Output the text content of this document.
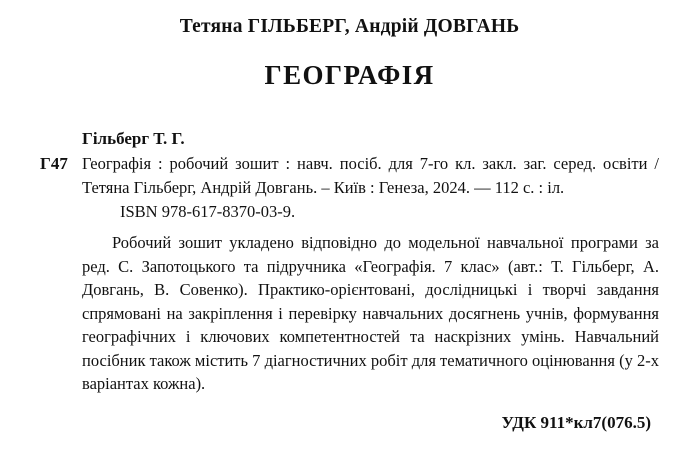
Тетяна ГІЛЬБЕРГ, Андрій ДОВГАНЬ
ГЕОГРАФІЯ
Гільберг Т. Г.
Г47 Географія : робочий зошит : навч. посіб. для 7-го кл. закл. заг. серед. освіти / Тетяна Гільберг, Андрій Довгань. – Київ : Генеза, 2024. — 112 с. : іл.
ISBN 978-617-8370-03-9.

Робочий зошит укладено відповідно до модельної навчальної програми за ред. С. Запотоцького та підручника «Географія. 7 клас» (авт.: Т. Гільберг, А. Довгань, В. Совенко). Практико-орієнтовані, дослідницькі і творчі завдання спрямовані на закріплення і перевірку навчальних досягнень учнів, формування географічних і ключових компетентностей та наскрізних умінь. Навчальний посібник також містить 7 діагностичних робіт для тематичного оцінювання (у 2-х варіантах кожна).

УДК 911*кл7(076.5)
